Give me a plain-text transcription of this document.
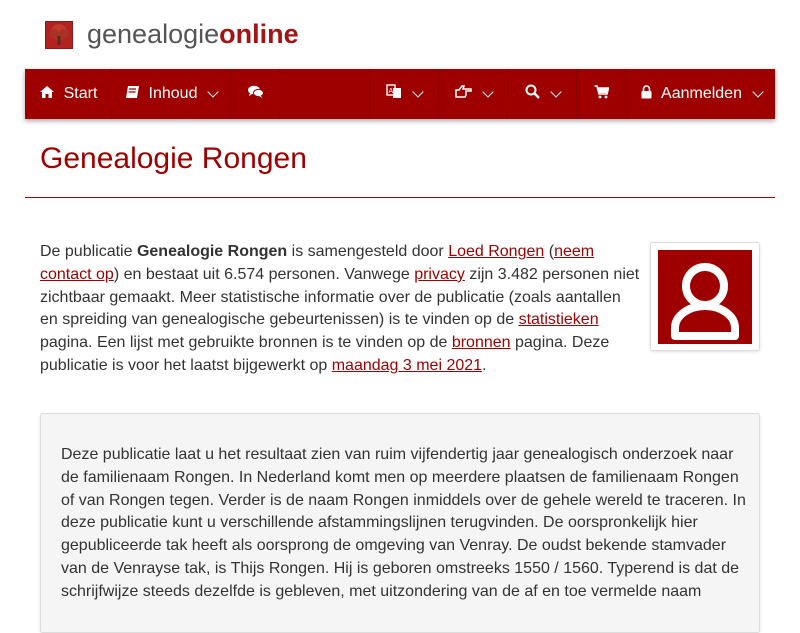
genealogieonline
Start	Inhoud	A	Aanmelden
Genealogie Rongen
De publicatie Genealogie Rongen is samengesteld door Loed Rongen (neem contact op) en bestaat uit 6.574 personen. Vanwege privacy zijn 3.482 personen niet zichtbaar gemaakt. Meer statistische informatie over de publicatie (zoals aantallen en spreiding van genealogische gebeurtenissen) is te vinden op de statistieken pagina. Een lijst met gebruikte bronnen is te vinden op de bronnen pagina. Deze publicatie is voor het laatst bijgewerkt op maandag 3 mei 2021.
Deze publicatie laat u het resultaat zien van ruim vijfendertig jaar genealogisch onderzoek naar de familienaam Rongen. In Nederland komt men op meerdere plaatsen de familienaam Rongen of van Rongen tegen. Verder is de naam Rongen inmiddels over de gehele wereld te traceren. In deze publicatie kunt u verschillende afstammingslijnen terugvinden. De oorspronkelijk hier gepubliceerde tak heeft als oorsprong de omgeving van Venray. De oudst bekende stamvader van de Venrayse tak, is Thijs Rongen. Hij is geboren omstreeks 1550 / 1560. Typerend is dat de schrijfwijze steeds dezelfde is gebleven, met uitzondering van de af en toe vermelde naam
